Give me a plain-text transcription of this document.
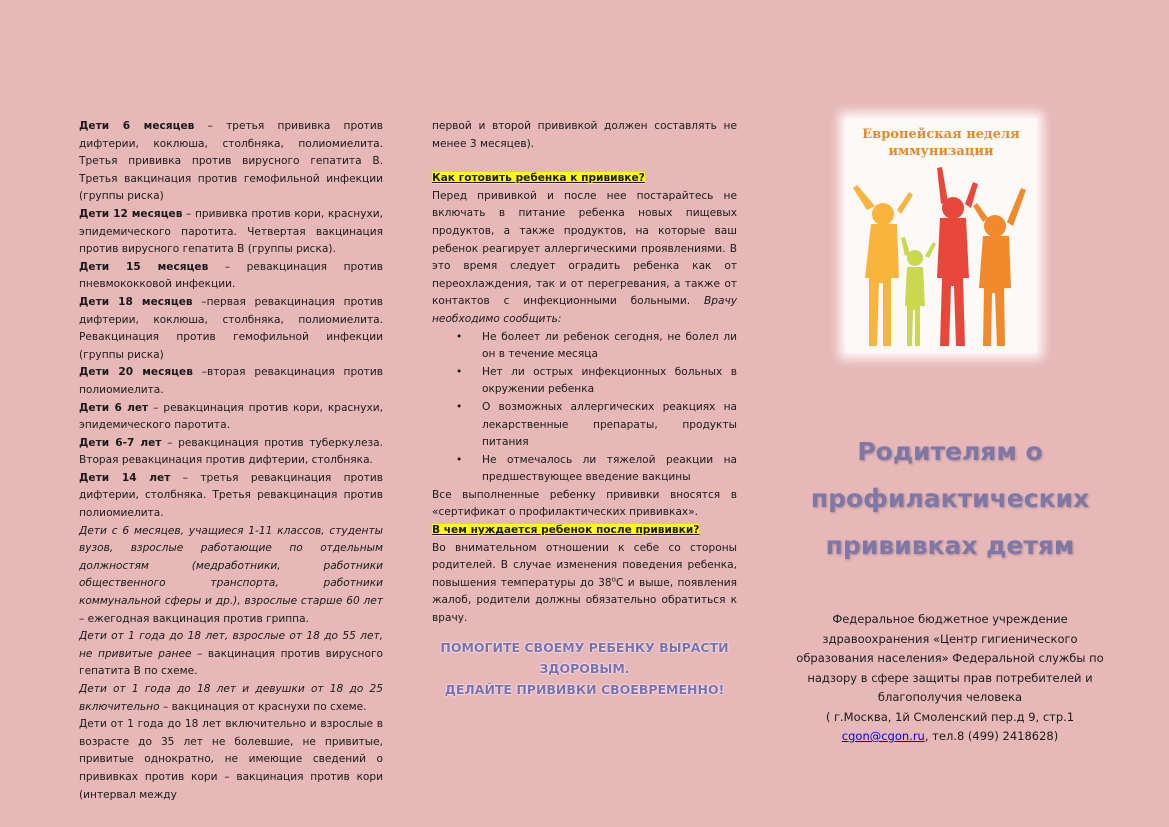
Дети 6 месяцев – третья прививка против дифтерии, коклюша, столбняка, полиомиелита. Третья прививка против вирусного гепатита В. Третья вакцинация против гемофильной инфекции (группы риска)

Дети 12 месяцев – прививка против кори, краснухи, эпидемического паротита. Четвертая вакцинация против вирусного гепатита В (группы риска).

Дети 15 месяцев – ревакцинация против пневмококковой инфекции.

Дети 18 месяцев –первая ревакцинация против дифтерии, коклюша, столбняка, полиомиелита. Ревакцинация против гемофильной инфекции (группы риска)

Дети 20 месяцев –вторая ревакцинация против полиомиелита.

Дети 6 лет – ревакцинация против кори, краснухи, эпидемического паротита.

Дети 6-7 лет – ревакцинация против туберкулеза. Вторая ревакцинация против дифтерии, столбняка.

Дети 14 лет – третья ревакцинация против дифтерии, столбняка. Третья ревакцинация против полиомиелита.

Дети с 6 месяцев, учащиеся 1-11 классов, студенты вузов, взрослые работающие по отдельным должностям (медработники, работники общественного транспорта, работники коммунальной сферы и др.), взрослые старше 60 лет – ежегодная вакцинация против гриппа.

Дети от 1 года до 18 лет, взрослые от 18 до 55 лет, не привитые ранее – вакцинация против вирусного гепатита В по схеме.

Дети от 1 года до 18 лет и девушки от 18 до 25 включительно – вакцинация от краснухи по схеме.

Дети от 1 года до 18 лет включительно и взрослые в возрасте до 35 лет не болевшие, не привитые, привитые однократно, не имеющие сведений о прививках против кори – вакцинация против кори (интервал между

первой и второй прививкой должен составлять не менее 3 месяцев).

Как готовить ребенка к прививке?

Перед прививкой и после нее постарайтесь не включать в питание ребенка новых пищевых продуктов, а также продуктов, на которые ваш ребенок реагирует аллергическими проявлениями. В это время следует оградить ребенка как от переохлаждения, так и от перегревания, а также от контактов с инфекционными больными. Врачу необходимо сообщить:

• Не болеет ли ребенок сегодня, не болел ли он в течение месяца
• Нет ли острых инфекционных больных в окружении ребенка
• О возможных аллергических реакциях на лекарственные препараты, продукты питания
• Не отмечалось ли тяжелой реакции на предшествующее введение вакцины

Все выполненные ребенку прививки вносятся в «сертификат о профилактических прививках».

В чем нуждается ребенок после прививки?

Во внимательном отношении к себе со стороны родителей. В случае изменения поведения ребенка, повышения температуры до $38^оС$ и выше, появления жалоб, родители должны обязательно обратиться к врачу.

ПОМОГИТЕ СВОЕМУ РЕБЕНКУ ВЫРАСТИ
ЗДОРОВЫМ.
ДЕЛАЙТЕ ПРИВИВКИ СВОЕВРЕМЕННО!
Европейская неделя
иммунизации
Родителям о
профилактических
прививках детям
Федеральное бюджетное учреждение
здравоохранения «Центр гигиенического
образования населения» Федеральной службы по
надзору в сфере защиты прав потребителей и
благополучия человека
( г.Москва, 1й Смоленский пер.д 9, стр.1
cgon@cgon.ru, тел.8 (499) 2418628)
